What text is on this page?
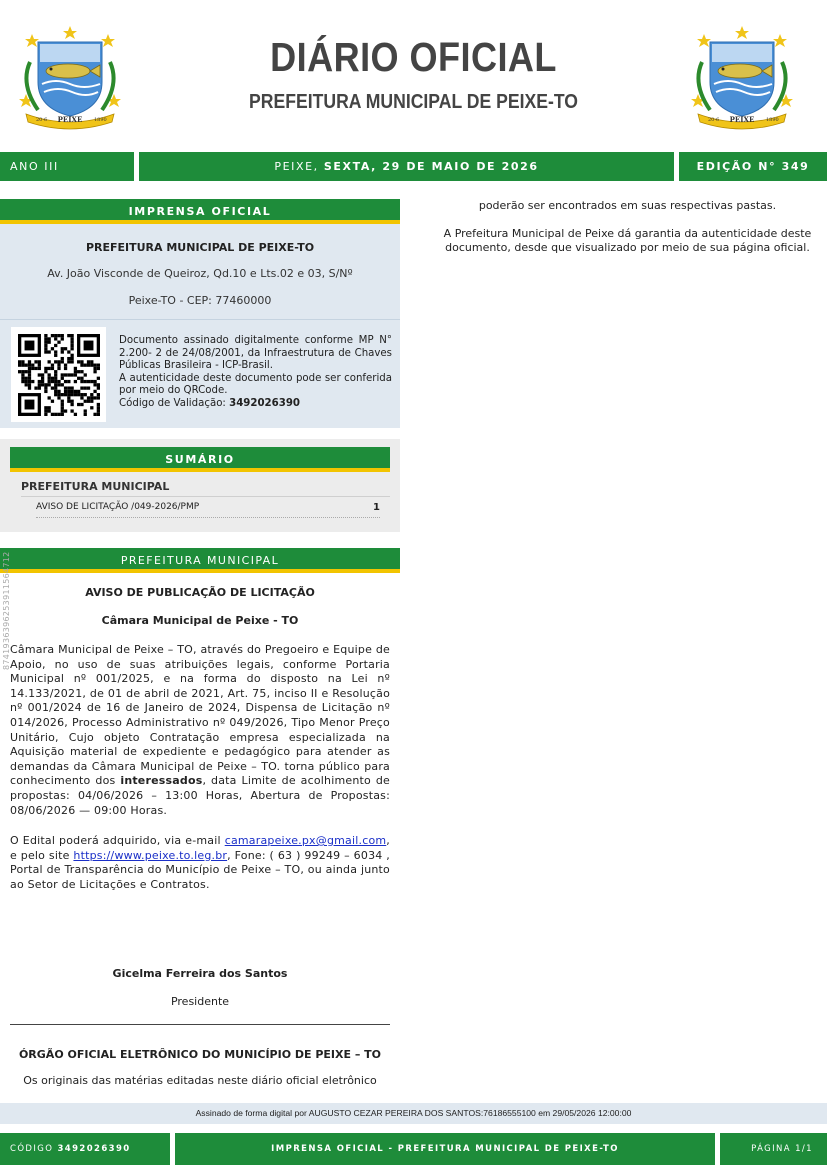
PEIXE
20-6	1890	PEIXE
20-6	1890
DIÁRIO OFICIAL
PREFEITURA MUNICIPAL DE PEIXE-TO
ANO III	PEIXE,
SEXTA, 29 DE MAIO DE 2026	EDIÇÃO N° 349
IMPRENSA OFICIAL
PREFEITURA MUNICIPAL DE PEIXE-TO
Av. João Visconde de Queiroz, Qd.10 e Lts.02 e 03, S/Nº
Peixe-TO - CEP: 77460000
Documento assinado digitalmente conforme MP N° 2.200- 2 de 24/08/2001, da Infraestrutura de Chaves Públicas Brasileira - ICP-Brasil.
A autenticidade deste documento pode ser conferida por meio do QRCode.
Código de Validação: 3492026390
SUMÁRIO
PREFEITURA MUNICIPAL
AVISO DE LICITAÇÃO /049-2026/PMP	1
PREFEITURA MUNICIPAL
AVISO DE PUBLICAÇÃO DE LICITAÇÃO
Câmara Municipal de Peixe - TO

Câmara Municipal de Peixe – TO, através do Pregoeiro e Equipe de Apoio, no uso de suas atribuições legais, conforme Portaria Municipal nº 001/2025, e na forma do disposto na Lei nº 14.133/2021, de 01 de abril de 2021, Art. 75, inciso II e Resolução nº 001/2024 de 16 de Janeiro de 2024, Dispensa de Licitação nº 014/2026, Processo Administrativo nº 049/2026, Tipo Menor Preço Unitário, Cujo objeto Contratação empresa especializada na Aquisição material de expediente e pedagógico para atender as demandas da Câmara Municipal de Peixe – TO. torna público para conhecimento dos interessados, data Limite de acolhimento de propostas: 04/06/2026 – 13:00 Horas, Abertura de Propostas: 08/06/2026 — 09:00 Horas.

O Edital poderá adquirido, via e-mail camarapeixe.px@gmail.com, e pelo site https://www.peixe.to.leg.br, Fone: ( 63 ) 99249 – 6034 , Portal de Transparência do Município de Peixe – TO, ou ainda junto ao Setor de Licitações e Contratos.

Gicelma Ferreira dos Santos
Presidente
ÓRGÃO OFICIAL ELETRÔNICO DO MUNICÍPIO DE PEIXE – TO
Os originais das matérias editadas neste diário oficial eletrônico

poderão ser encontrados em suas respectivas pastas.

A Prefeitura Municipal de Peixe dá garantia da autenticidade deste documento, desde que visualizado por meio de sua página oficial.

874193639625391156471​2
Assinado de forma digital por AUGUSTO CEZAR PEREIRA DOS SANTOS:76186555100 em 29/05/2026 12:00:00
CÓDIGO
3492026390	IMPRENSA OFICIAL - PREFEITURA MUNICIPAL DE PEIXE-TO	PÁGINA 1/1
